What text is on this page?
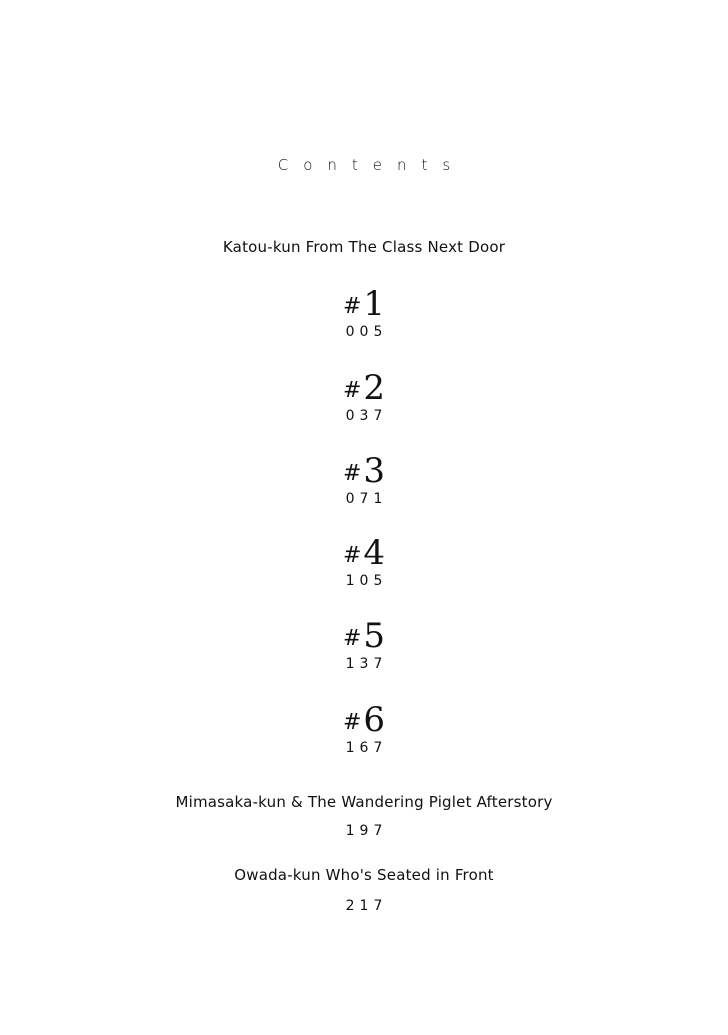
Contents
Katou-kun From The Class Next Door
#1
005
#2
037
#3
071
#4
105
#5
137
#6
167
Mimasaka-kun & The Wandering Piglet Afterstory
197
Owada-kun Who's Seated in Front
217
